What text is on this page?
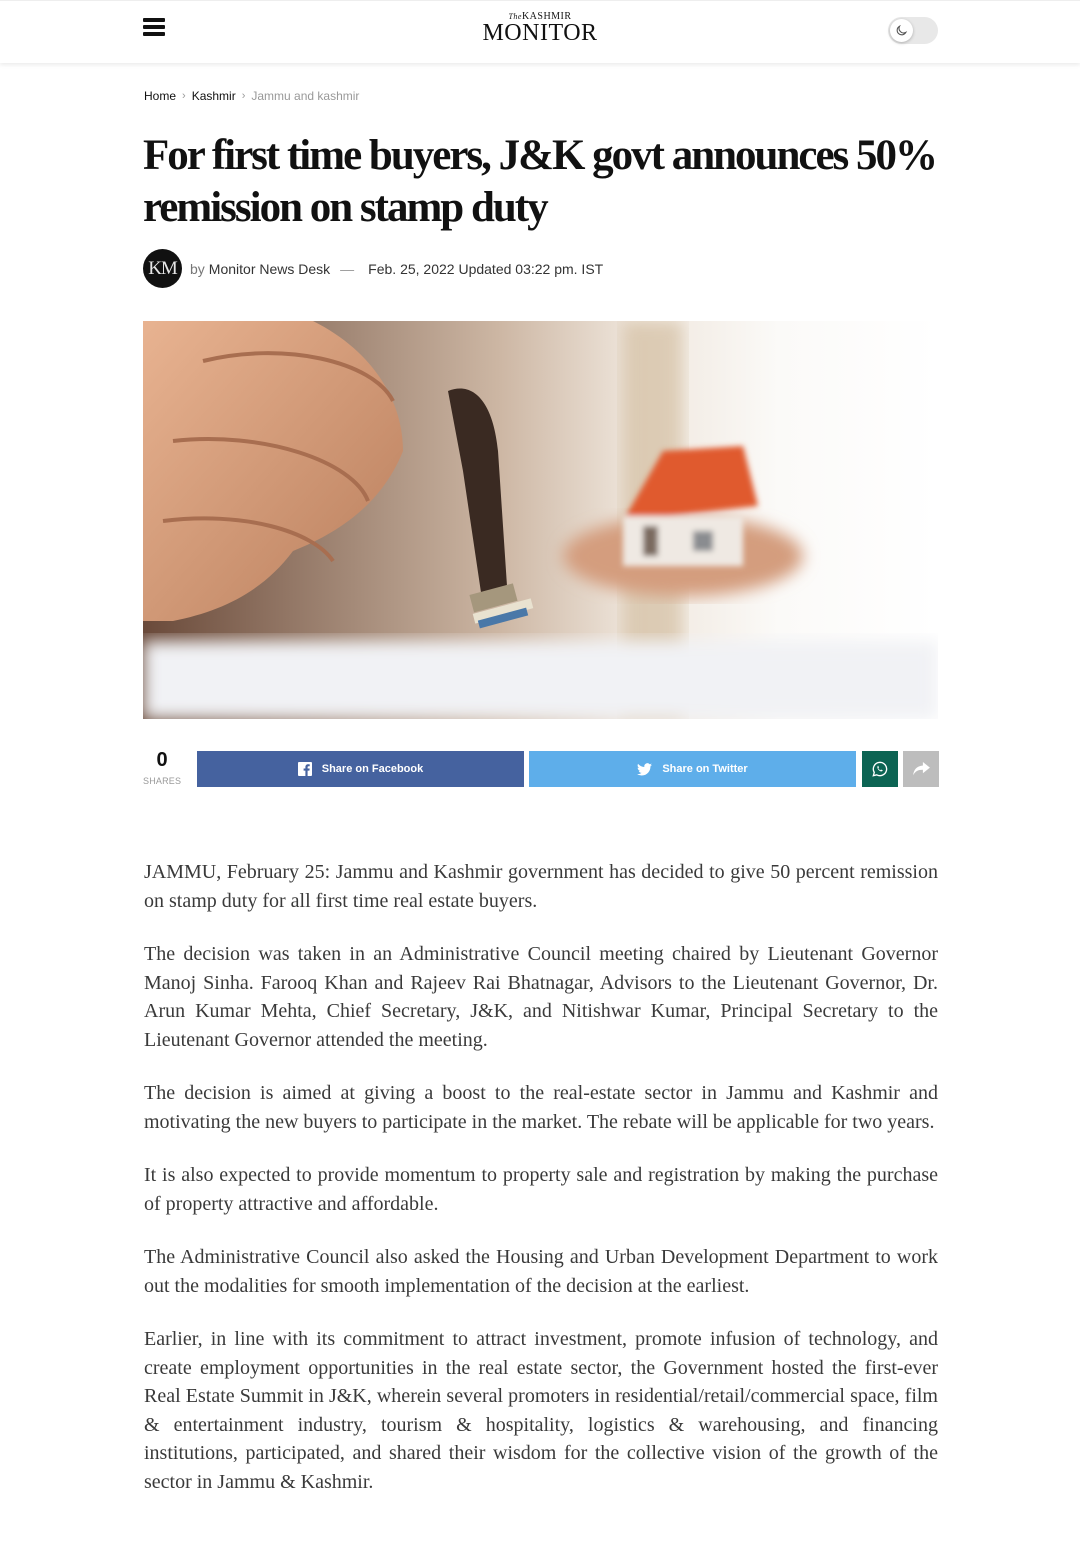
TheKASHMIR
MONITOR
Home › Kashmir › Jammu and kashmir
For first time buyers, J&K govt announces 50% remission on stamp duty
KM by Monitor News Desk — Feb. 25, 2022 Updated 03:22 pm. IST
0
SHARES
Share on Facebook	Share on Twitter

JAMMU, February 25: Jammu and Kashmir government has decided to give 50 percent remission on stamp duty for all first time real estate buyers.

The decision was taken in an Administrative Council meeting chaired by Lieutenant Governor Manoj Sinha. Farooq Khan and Rajeev Rai Bhatnagar, Advisors to the Lieutenant Governor, Dr. Arun Kumar Mehta, Chief Secretary, J&K, and Nitishwar Kumar, Principal Secretary to the Lieutenant Governor attended the meeting.

The decision is aimed at giving a boost to the real-estate sector in Jammu and Kashmir and motivating the new buyers to participate in the market. The rebate will be applicable for two years.

It is also expected to provide momentum to property sale and registration by making the purchase of property attractive and affordable.

The Administrative Council also asked the Housing and Urban Development Department to work out the modalities for smooth implementation of the decision at the earliest.

Earlier, in line with its commitment to attract investment, promote infusion of technology, and create employment opportunities in the real estate sector, the Government hosted the first-ever Real Estate Summit in J&K, wherein several promoters in residential/retail/commercial space, film & entertainment industry, tourism & hospitality, logistics & warehousing, and financing institutions, participated, and shared their wisdom for the collective vision of the growth of the sector in Jammu & Kashmir.
